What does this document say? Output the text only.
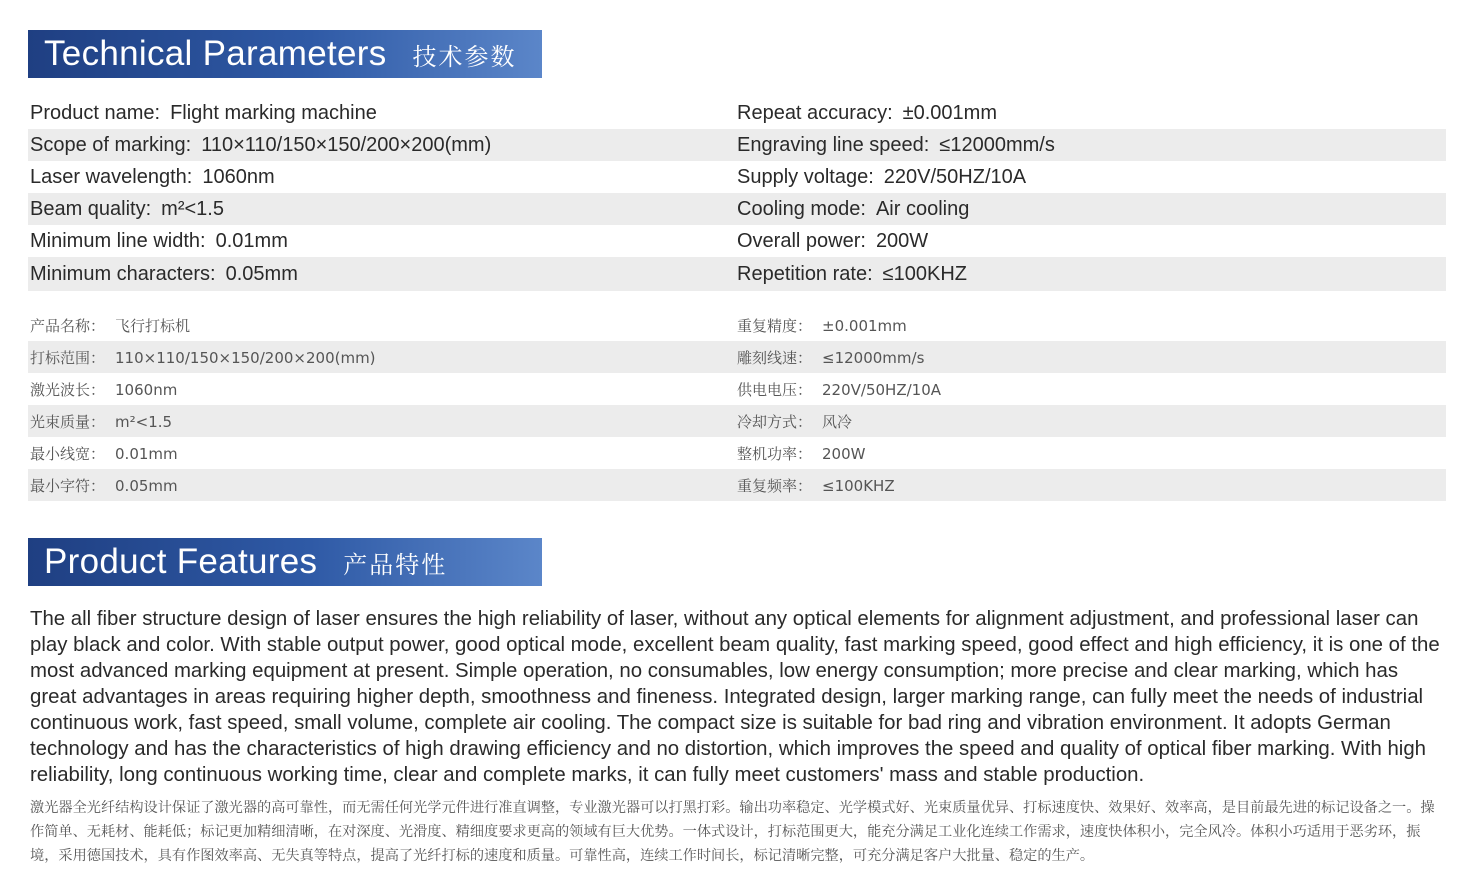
Technical Parameters 技术参数
Product name: Flight marking machine	Repeat accuracy: ±0.001mm
Scope of marking: 110×110/150×150/200×200(mm)	Engraving line speed: ≤12000mm/s
Laser wavelength: 1060nm	Supply voltage: 220V/50HZ/10A
Beam quality: m²<1.5	Cooling mode: Air cooling
Minimum line width: 0.01mm	Overall power: 200W
Minimum characters: 0.05mm	Repetition rate: ≤100KHZ
产品名称： 飞行打标机	重复精度： ±0.001mm
打标范围： 110×110/150×150/200×200(mm)	雕刻线速： ≤12000mm/s
激光波长： 1060nm	供电电压： 220V/50HZ/10A
光束质量： m²<1.5	冷却方式： 风冷
最小线宽： 0.01mm	整机功率： 200W
最小字符： 0.05mm	重复频率： ≤100KHZ
Product Features 产品特性

The all fiber structure design of laser ensures the high reliability of laser, without any optical elements for alignment adjustment, and professional laser can play black and color. With stable output power, good optical mode, excellent beam quality, fast marking speed, good effect and high efficiency, it is one of the most advanced marking equipment at present. Simple operation, no consumables, low energy consumption; more precise and clear marking, which has great advantages in areas requiring higher depth, smoothness and fineness. Integrated design, larger marking range, can fully meet the needs of industrial continuous work, fast speed, small volume, complete air cooling. The compact size is suitable for bad ring and vibration environment. It adopts German technology and has the characteristics of high drawing efficiency and no distortion, which improves the speed and quality of optical fiber marking. With high reliability, long continuous working time, clear and complete marks, it can fully meet customers' mass and stable production.

激光器全光纤结构设计保证了激光器的高可靠性，而无需任何光学元件进行准直调整，专业激光器可以打黑打彩。输出功率稳定、光学模式好、光束质量优异、打标速度快、效果好、效率高，是目前最先进的标记设备之一。操作简单、无耗材、能耗低；标记更加精细清晰，在对深度、光滑度、精细度要求更高的领域有巨大优势。一体式设计，打标范围更大，能充分满足工业化连续工作需求，速度快体积小，完全风冷。体积小巧适用于恶劣环，振境，采用德国技术，具有作图效率高、无失真等特点，提高了光纤打标的速度和质量。可靠性高，连续工作时间长，标记清晰完整，可充分满足客户大批量、稳定的生产。
